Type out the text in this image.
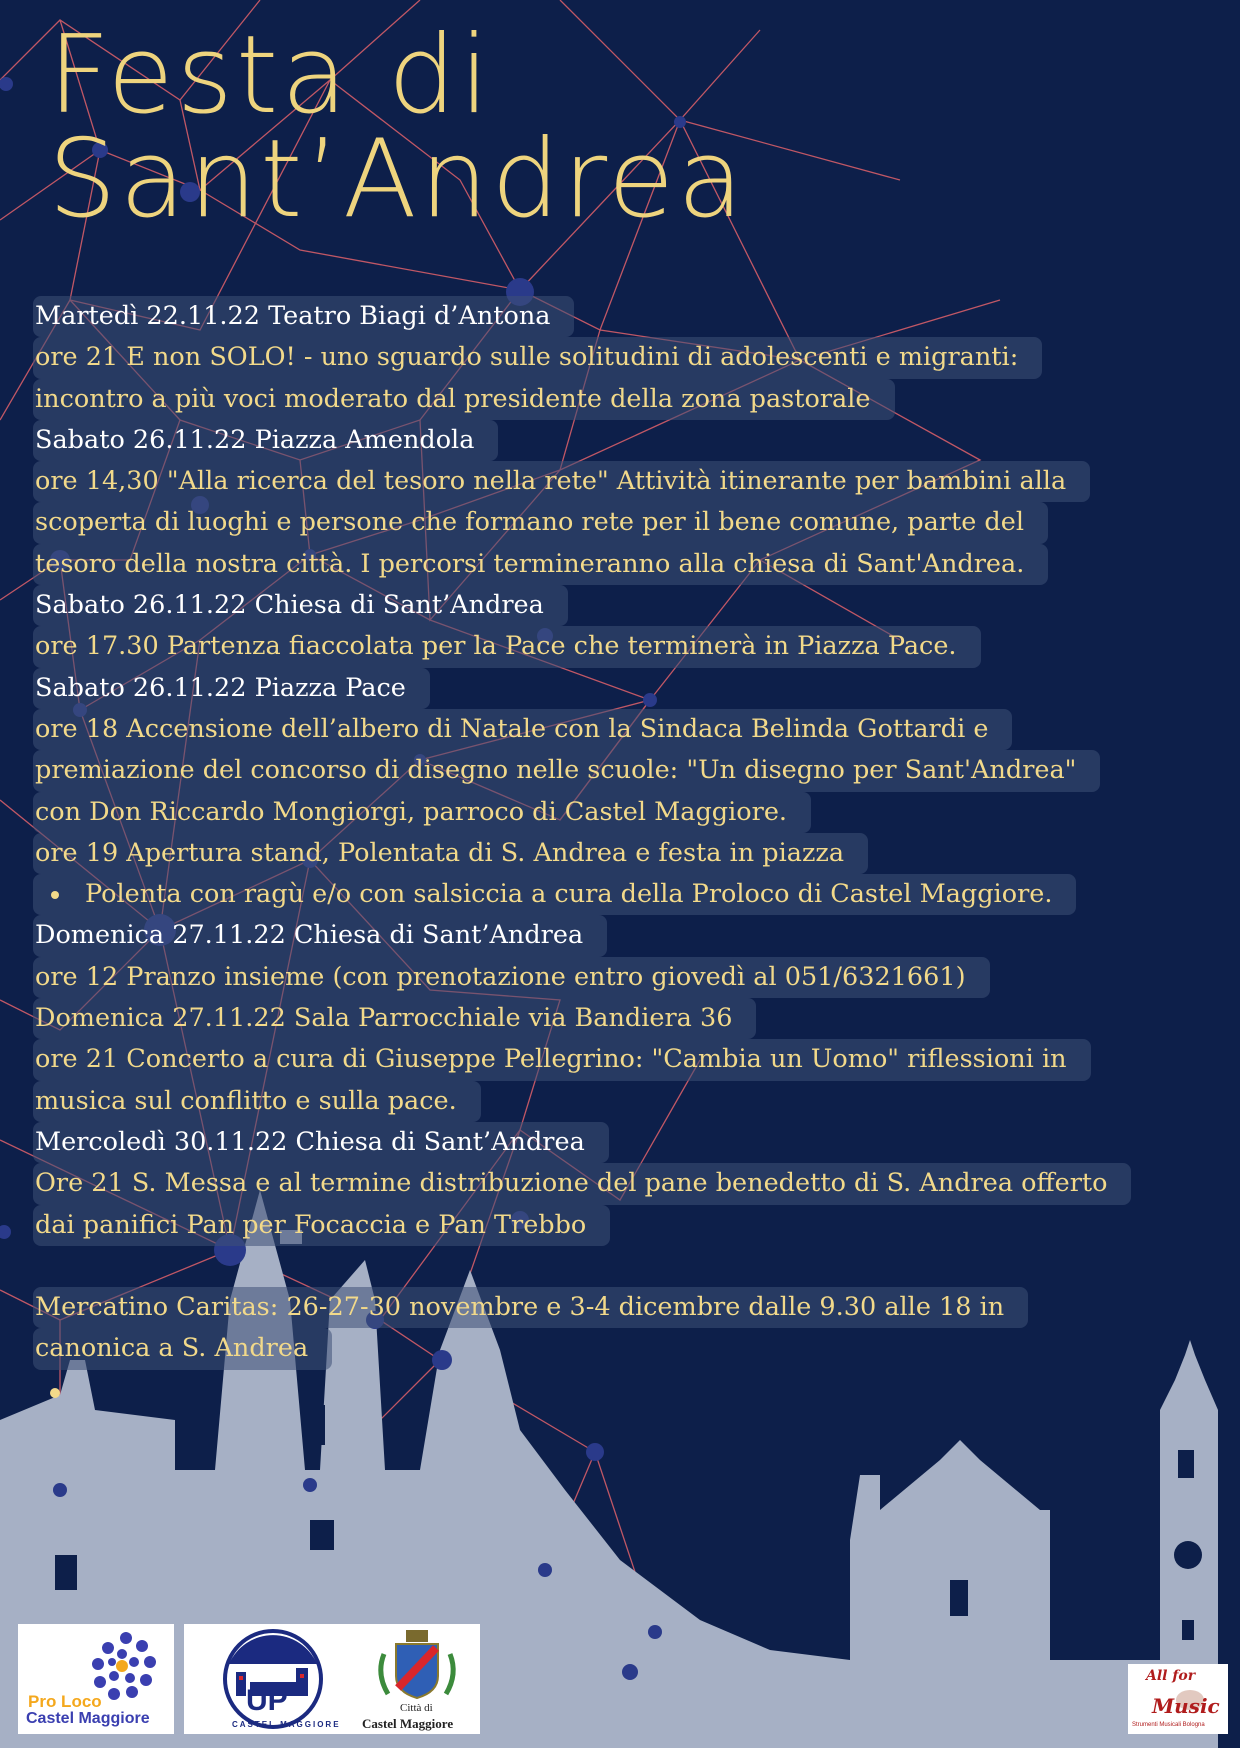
Festa di
Sant’Andrea
Martedì 22.11.22 Teatro Biagi d’Antona
ore 21 E non SOLO! - uno sguardo sulle solitudini di adolescenti e migranti:
incontro a più voci moderato dal presidente della zona pastorale
Sabato 26.11.22 Piazza Amendola
ore 14,30 "Alla ricerca del tesoro nella rete" Attività itinerante per bambini alla
scoperta di luoghi e persone che formano rete per il bene comune, parte del
tesoro della nostra città. I percorsi termineranno alla chiesa di Sant'Andrea.
Sabato 26.11.22 Chiesa di Sant’Andrea
ore 17.30 Partenza fiaccolata per la Pace che terminerà in Piazza Pace.
Sabato 26.11.22 Piazza Pace
ore 18 Accensione dell’albero di Natale con la Sindaca Belinda Gottardi e
premiazione del concorso di disegno nelle scuole: "Un disegno per Sant'Andrea"
con Don Riccardo Mongiorgi, parroco di Castel Maggiore.
ore 19 Apertura stand, Polentata di S. Andrea e festa in piazza
Polenta con ragù e/o con salsiccia a cura della Proloco di Castel Maggiore.
Domenica 27.11.22 Chiesa di Sant’Andrea
ore 12 Pranzo insieme (con prenotazione entro giovedì al 051/6321661)
Domenica 27.11.22 Sala Parrocchiale via Bandiera 36
ore 21 Concerto a cura di Giuseppe Pellegrino: "Cambia un Uomo" riflessioni in
musica sul conflitto e sulla pace.
Mercoledì 30.11.22 Chiesa di Sant’Andrea
Ore 21 S. Messa e al termine distribuzione del pane benedetto di S. Andrea offerto
dai panifici Pan per Focaccia e Pan Trebbo
Mercatino Caritas: 26-27-30 novembre e 3-4 dicembre dalle 9.30 alle 18 in
canonica a S. Andrea
Pro Loco
Castel Maggiore
UP
CASTEL MAGGIORE
Città di
Castel Maggiore
All for
Music
Strumenti Musicali Bologna
